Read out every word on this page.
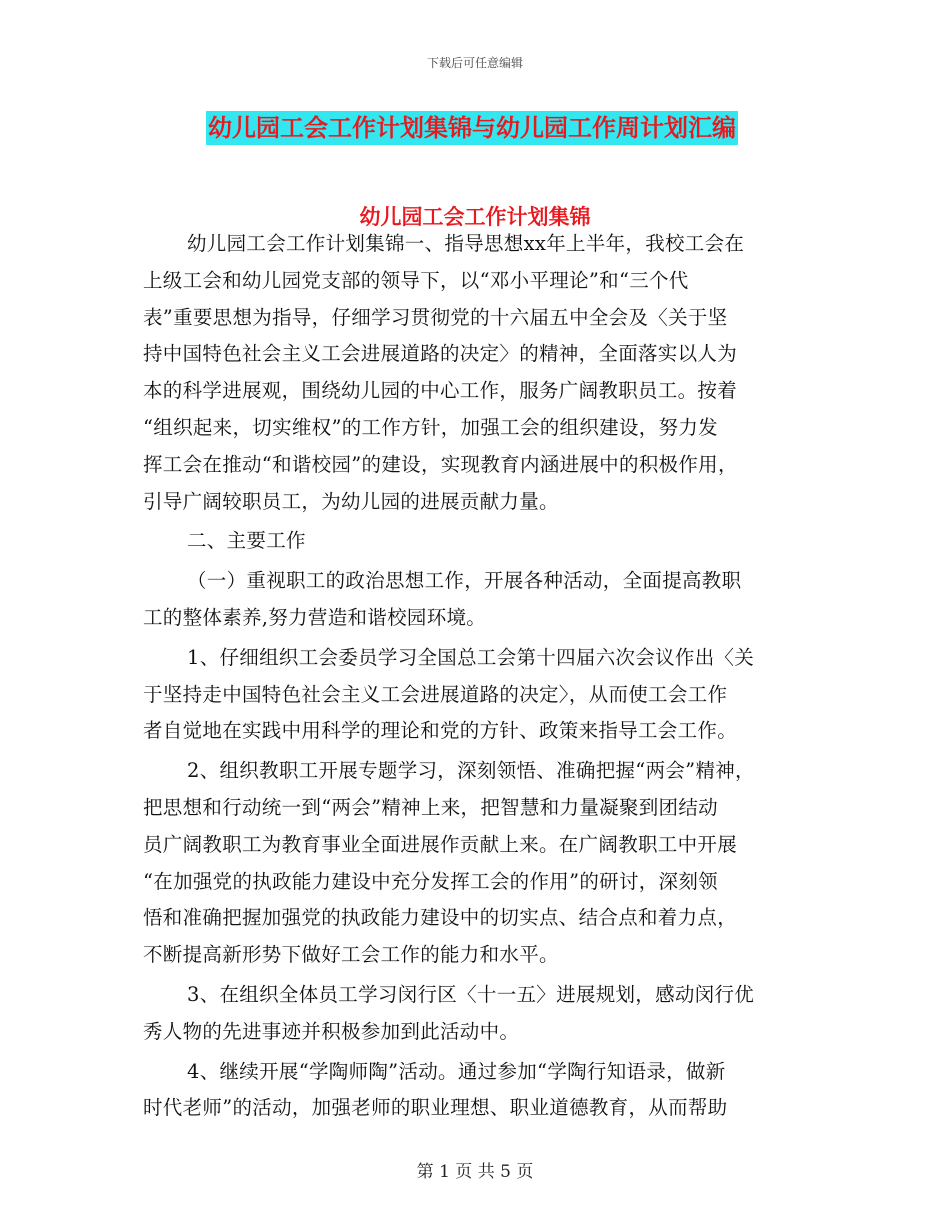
下载后可任意编辑
幼儿园工会工作计划集锦与幼儿园工作周计划汇编
幼儿园工会工作计划集锦
幼儿园工会工作计划集锦一、指导思想xx年上半年，我校工会在
上级工会和幼儿园党支部的领导下，以“邓小平理论”和“三个代
表”重要思想为指导，仔细学习贯彻党的十六届五中全会及〈关于坚
持中国特色社会主义工会进展道路的决定〉的精神，全面落实以人为
本的科学进展观，围绕幼儿园的中心工作，服务广阔教职员工。按着
“组织起来，切实维权”的工作方针，加强工会的组织建设，努力发
挥工会在推动“和谐校园”的建设，实现教育内涵进展中的积极作用，
引导广阔较职员工，为幼儿园的进展贡献力量。
二、主要工作
（一）重视职工的政治思想工作，开展各种活动，全面提高教职
工的整体素养,努力营造和谐校园环境。
1、仔细组织工会委员学习全国总工会第十四届六次会议作出〈关
于坚持走中国特色社会主义工会进展道路的决定〉，从而使工会工作
者自觉地在实践中用科学的理论和党的方针、政策来指导工会工作。
2、组织教职工开展专题学习，深刻领悟、准确把握“两会”精神，
把思想和行动统一到“两会”精神上来，把智慧和力量凝聚到团结动
员广阔教职工为教育事业全面进展作贡献上来。在广阔教职工中开展
“在加强党的执政能力建设中充分发挥工会的作用”的研讨，深刻领
悟和准确把握加强党的执政能力建设中的切实点、结合点和着力点，
不断提高新形势下做好工会工作的能力和水平。
3、在组织全体员工学习闵行区〈十一五〉进展规划，感动闵行优
秀人物的先进事迹并积极参加到此活动中。
4、继续开展“学陶师陶”活动。通过参加“学陶行知语录，做新
时代老师”的活动，加强老师的职业理想、职业道德教育，从而帮助
第 1 页 共 5 页
